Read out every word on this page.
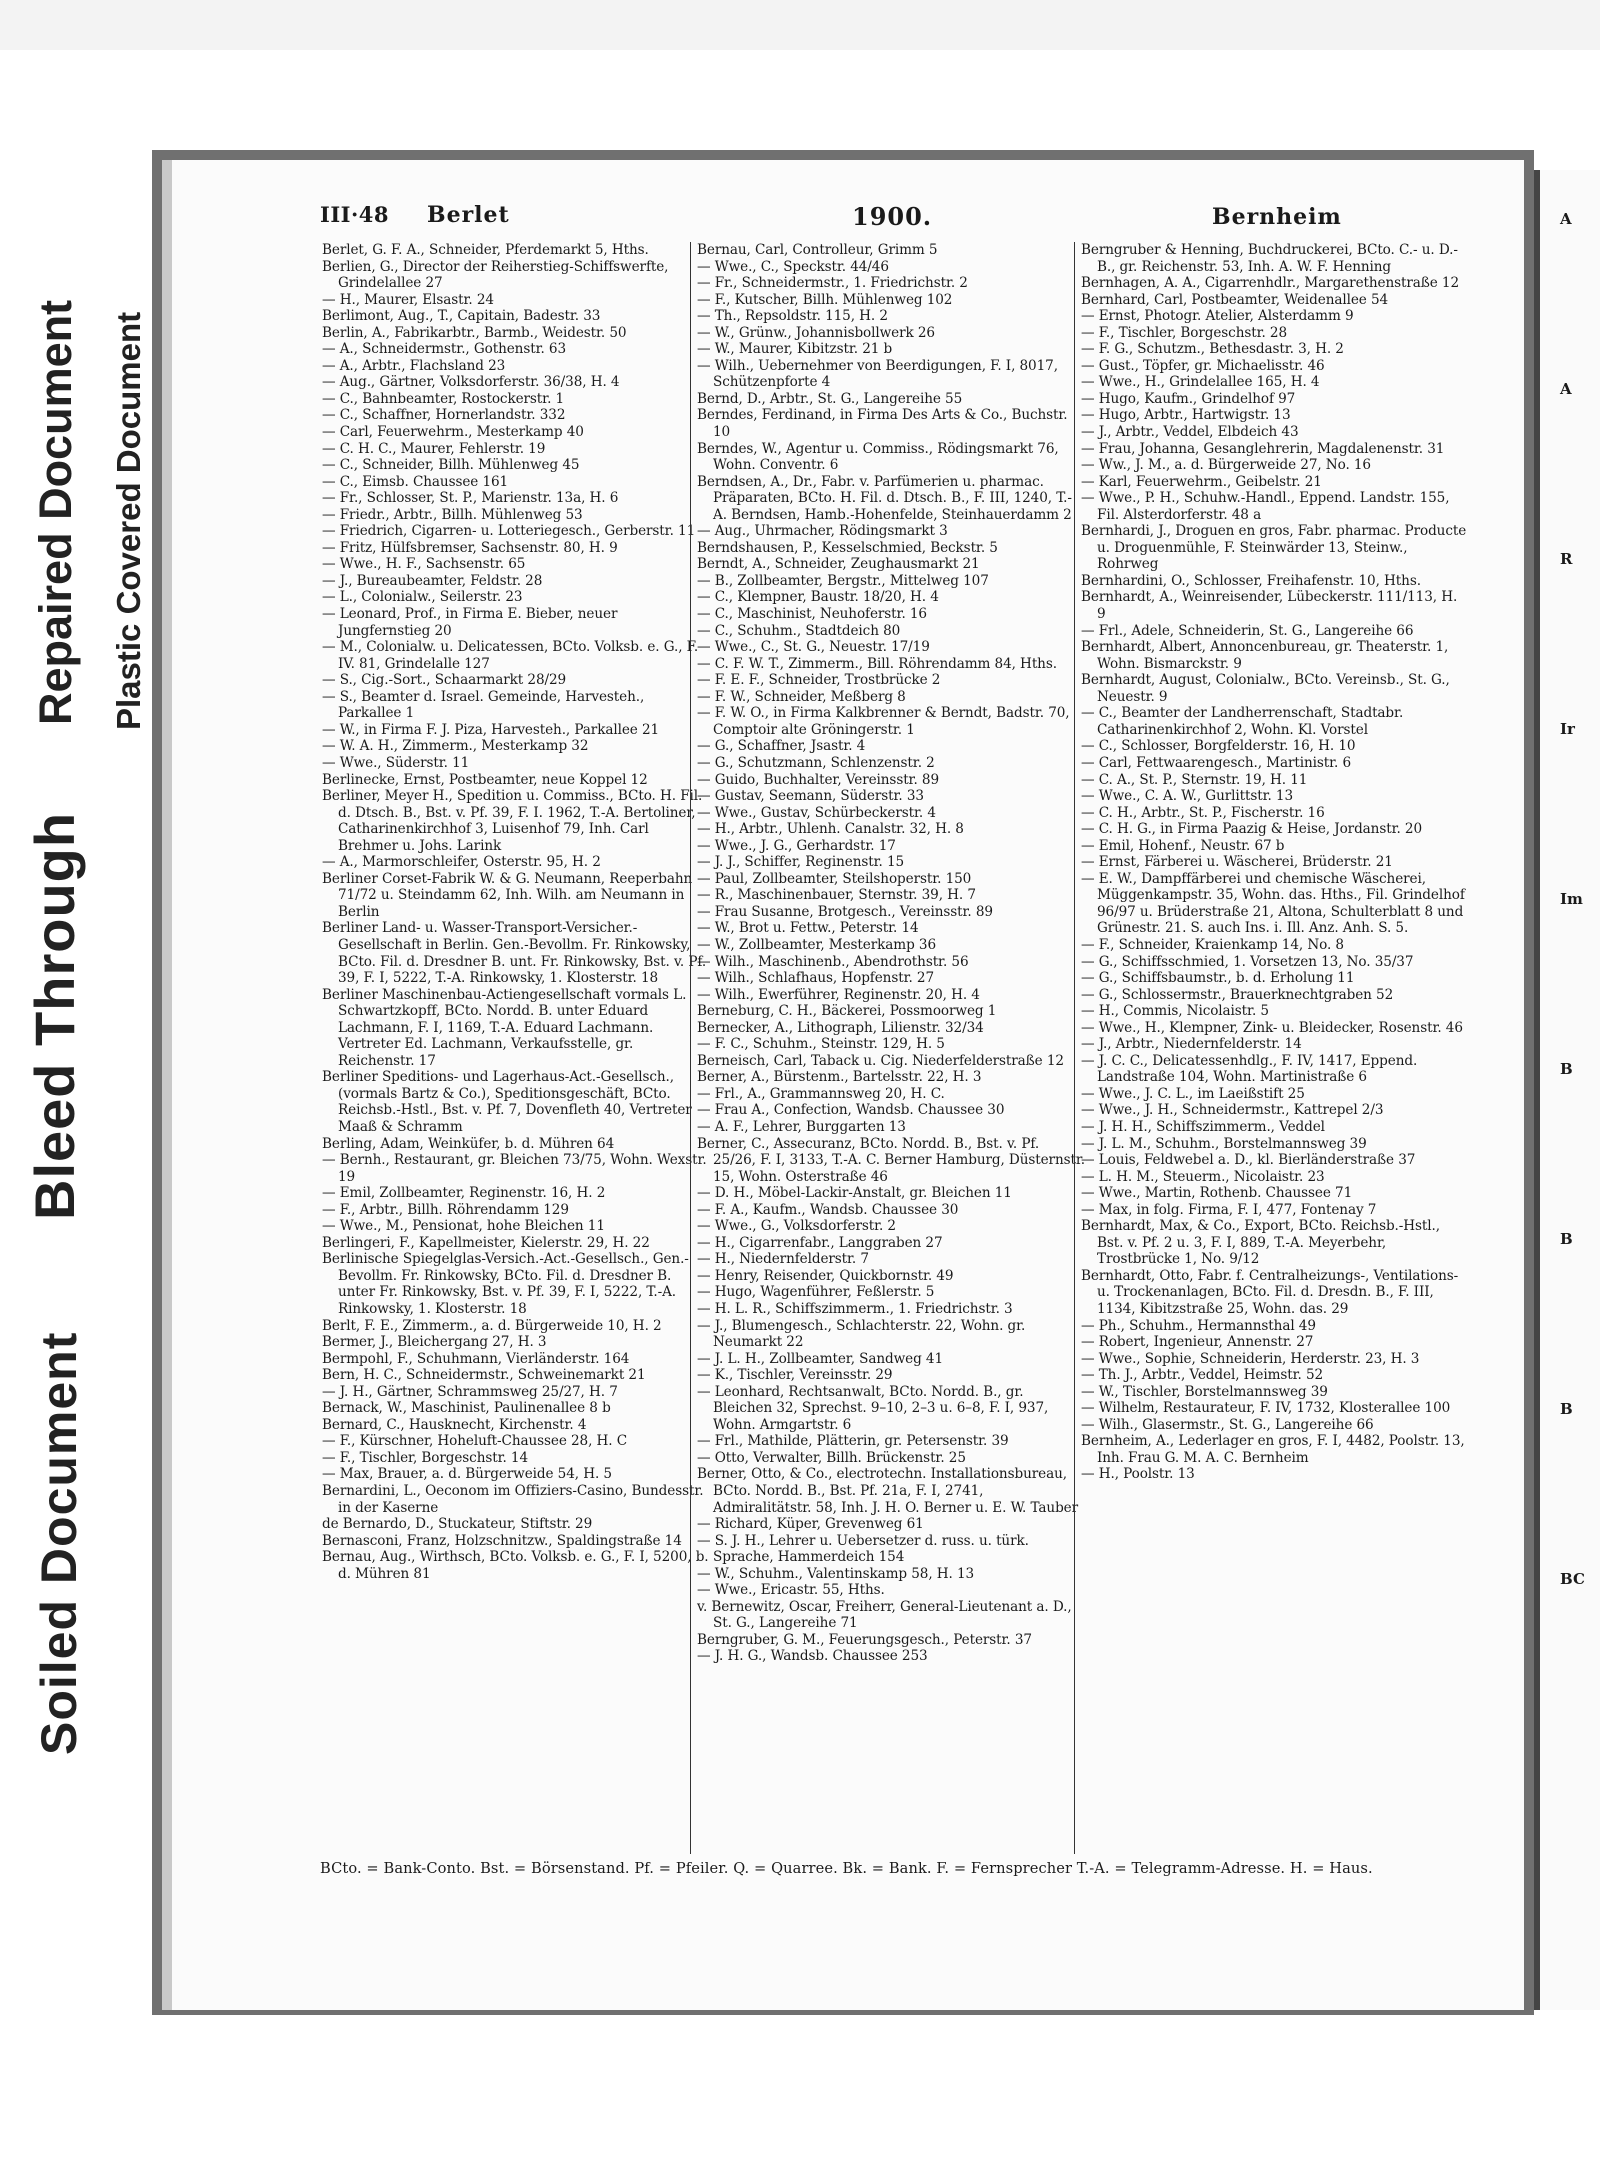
Soiled Document
Bleed Through
Repaired Document Plastic Covered Document
III·48 Berlet	1900.	Bernheim

Berlet, G. F. A., Schneider, Pferdemarkt 5, Hths.

Berlien, G., Director der Reiherstieg-Schiffswerfte, Grindelallee 27

— H., Maurer, Elsastr. 24

Berlimont, Aug., T., Capitain, Badestr. 33

Berlin, A., Fabrikarbtr., Barmb., Weidestr. 50

— A., Schneidermstr., Gothenstr. 63

— A., Arbtr., Flachsland 23

— Aug., Gärtner, Volksdorferstr. 36/38, H. 4

— C., Bahnbeamter, Rostockerstr. 1

— C., Schaffner, Hornerlandstr. 332

— Carl, Feuerwehrm., Mesterkamp 40

— C. H. C., Maurer, Fehlerstr. 19

— C., Schneider, Billh. Mühlenweg 45

— C., Eimsb. Chaussee 161

— Fr., Schlosser, St. P., Marienstr. 13a, H. 6

— Friedr., Arbtr., Billh. Mühlenweg 53

— Friedrich, Cigarren- u. Lotteriegesch., Gerberstr. 11

— Fritz, Hülfsbremser, Sachsenstr. 80, H. 9

— Wwe., H. F., Sachsenstr. 65

— J., Bureaubeamter, Feldstr. 28

— L., Colonialw., Seilerstr. 23

— Leonard, Prof., in Firma E. Bieber, neuer Jungfernstieg 20

— M., Colonialw. u. Delicatessen, BCto. Volksb. e. G., F. IV. 81, Grindelalle 127

— S., Cig.-Sort., Schaarmarkt 28/29

— S., Beamter d. Israel. Gemeinde, Harvesteh., Parkallee 1

— W., in Firma F. J. Piza, Harvesteh., Parkallee 21

— W. A. H., Zimmerm., Mesterkamp 32

— Wwe., Süderstr. 11

Berlinecke, Ernst, Postbeamter, neue Koppel 12

Berliner, Meyer H., Spedition u. Commiss., BCto. H. Fil. d. Dtsch. B., Bst. v. Pf. 39, F. I. 1962, T.-A. Bertoliner, Catharinenkirchhof 3, Luisenhof 79, Inh. Carl Brehmer u. Johs. Larink

— A., Marmorschleifer, Osterstr. 95, H. 2

Berliner Corset-Fabrik W. & G. Neumann, Reeperbahn 71/72 u. Steindamm 62, Inh. Wilh. am Neumann in Berlin

Berliner Land- u. Wasser-Transport-Versicher.-Gesellschaft in Berlin. Gen.-Bevollm. Fr. Rinkowsky, BCto. Fil. d. Dresdner B. unt. Fr. Rinkowsky, Bst. v. Pf. 39, F. I, 5222, T.-A. Rinkowsky, 1. Klosterstr. 18

Berliner Maschinenbau-Actiengesellschaft vormals L. Schwartzkopff, BCto. Nordd. B. unter Eduard Lachmann, F. I, 1169, T.-A. Eduard Lachmann. Vertreter Ed. Lachmann, Verkaufsstelle, gr. Reichenstr. 17

Berliner Speditions- und Lagerhaus-Act.-Gesellsch., (vormals Bartz & Co.), Speditionsgeschäft, BCto. Reichsb.-Hstl., Bst. v. Pf. 7, Dovenfleth 40, Vertreter Maaß & Schramm

Berling, Adam, Weinküfer, b. d. Mühren 64

— Bernh., Restaurant, gr. Bleichen 73/75, Wohn. Wexstr. 19

— Emil, Zollbeamter, Reginenstr. 16, H. 2

— F., Arbtr., Billh. Röhrendamm 129

— Wwe., M., Pensionat, hohe Bleichen 11

Berlingeri, F., Kapellmeister, Kielerstr. 29, H. 22

Berlinische Spiegelglas-Versich.-Act.-Gesellsch., Gen.-Bevollm. Fr. Rinkowsky, BCto. Fil. d. Dresdner B. unter Fr. Rinkowsky, Bst. v. Pf. 39, F. I, 5222, T.-A. Rinkowsky, 1. Klosterstr. 18

Berlt, F. E., Zimmerm., a. d. Bürgerweide 10, H. 2

Bermer, J., Bleichergang 27, H. 3

Bermpohl, F., Schuhmann, Vierländerstr. 164

Bern, H. C., Schneidermstr., Schweinemarkt 21

— J. H., Gärtner, Schrammsweg 25/27, H. 7

Bernack, W., Maschinist, Paulinenallee 8 b

Bernard, C., Hausknecht, Kirchenstr. 4

— F., Kürschner, Hoheluft-Chaussee 28, H. C

— F., Tischler, Borgeschstr. 14

— Max, Brauer, a. d. Bürgerweide 54, H. 5

Bernardini, L., Oeconom im Offiziers-Casino, Bundesstr. in der Kaserne

de Bernardo, D., Stuckateur, Stiftstr. 29

Bernasconi, Franz, Holzschnitzw., Spaldingstraße 14

Bernau, Aug., Wirthsch, BCto. Volksb. e. G., F. I, 5200, b. d. Mühren 81

Bernau, Carl, Controlleur, Grimm 5

— Wwe., C., Speckstr. 44/46

— Fr., Schneidermstr., 1. Friedrichstr. 2

— F., Kutscher, Billh. Mühlenweg 102

— Th., Repsoldstr. 115, H. 2

— W., Grünw., Johannisbollwerk 26

— W., Maurer, Kibitzstr. 21 b

— Wilh., Uebernehmer von Beerdigungen, F. I, 8017, Schützenpforte 4

Bernd, D., Arbtr., St. G., Langereihe 55

Berndes, Ferdinand, in Firma Des Arts & Co., Buchstr. 10

Berndes, W., Agentur u. Commiss., Rödingsmarkt 76, Wohn. Conventr. 6

Berndsen, A., Dr., Fabr. v. Parfümerien u. pharmac. Präparaten, BCto. H. Fil. d. Dtsch. B., F. III, 1240, T.-A. Berndsen, Hamb.-Hohenfelde, Steinhauerdamm 2

— Aug., Uhrmacher, Rödingsmarkt 3

Berndshausen, P., Kesselschmied, Beckstr. 5

Berndt, A., Schneider, Zeughausmarkt 21

— B., Zollbeamter, Bergstr., Mittelweg 107

— C., Klempner, Baustr. 18/20, H. 4

— C., Maschinist, Neuhoferstr. 16

— C., Schuhm., Stadtdeich 80

— Wwe., C., St. G., Neuestr. 17/19

— C. F. W. T., Zimmerm., Bill. Röhrendamm 84, Hths.

— F. E. F., Schneider, Trostbrücke 2

— F. W., Schneider, Meßberg 8

— F. W. O., in Firma Kalkbrenner & Berndt, Badstr. 70, Comptoir alte Gröningerstr. 1

— G., Schaffner, Jsastr. 4

— G., Schutzmann, Schlenzenstr. 2

— Guido, Buchhalter, Vereinsstr. 89

— Gustav, Seemann, Süderstr. 33

— Wwe., Gustav, Schürbeckerstr. 4

— H., Arbtr., Uhlenh. Canalstr. 32, H. 8

— Wwe., J. G., Gerhardstr. 17

— J. J., Schiffer, Reginenstr. 15

— Paul, Zollbeamter, Steilshoperstr. 150

— R., Maschinenbauer, Sternstr. 39, H. 7

— Frau Susanne, Brotgesch., Vereinsstr. 89

— W., Brot u. Fettw., Peterstr. 14

— W., Zollbeamter, Mesterkamp 36

— Wilh., Maschinenb., Abendrothstr. 56

— Wilh., Schlafhaus, Hopfenstr. 27

— Wilh., Ewerführer, Reginenstr. 20, H. 4

Berneburg, C. H., Bäckerei, Possmoorweg 1

Bernecker, A., Lithograph, Lilienstr. 32/34

— F. C., Schuhm., Steinstr. 129, H. 5

Berneisch, Carl, Taback u. Cig. Niederfelderstraße 12

Berner, A., Bürstenm., Bartelsstr. 22, H. 3

— Frl., A., Grammannsweg 20, H. C.

— Frau A., Confection, Wandsb. Chaussee 30

— A. F., Lehrer, Burggarten 13

Berner, C., Assecuranz, BCto. Nordd. B., Bst. v. Pf. 25/26, F. I, 3133, T.-A. C. Berner Hamburg, Düsternstr. 15, Wohn. Osterstraße 46

— D. H., Möbel-Lackir-Anstalt, gr. Bleichen 11

— F. A., Kaufm., Wandsb. Chaussee 30

— Wwe., G., Volksdorferstr. 2

— H., Cigarrenfabr., Langgraben 27

— H., Niedernfelderstr. 7

— Henry, Reisender, Quickbornstr. 49

— Hugo, Wagenführer, Feßlerstr. 5

— H. L. R., Schiffszimmerm., 1. Friedrichstr. 3

— J., Blumengesch., Schlachterstr. 22, Wohn. gr. Neumarkt 22

— J. L. H., Zollbeamter, Sandweg 41

— K., Tischler, Vereinsstr. 29

— Leonhard, Rechtsanwalt, BCto. Nordd. B., gr. Bleichen 32, Sprechst. 9–10, 2–3 u. 6–8, F. I, 937, Wohn. Armgartstr. 6

— Frl., Mathilde, Plätterin, gr. Petersenstr. 39

— Otto, Verwalter, Billh. Brückenstr. 25

Berner, Otto, & Co., electrotechn. Installationsbureau, BCto. Nordd. B., Bst. Pf. 21a, F. I, 2741, Admiralitätstr. 58, Inh. J. H. O. Berner u. E. W. Tauber

— Richard, Küper, Grevenweg 61

— S. J. H., Lehrer u. Uebersetzer d. russ. u. türk. Sprache, Hammerdeich 154

— W., Schuhm., Valentinskamp 58, H. 13

— Wwe., Ericastr. 55, Hths.

v. Bernewitz, Oscar, Freiherr, General-Lieutenant a. D., St. G., Langereihe 71

Berngruber, G. M., Feuerungsgesch., Peterstr. 37

— J. H. G., Wandsb. Chaussee 253

Berngruber & Henning, Buchdruckerei, BCto. C.- u. D.-B., gr. Reichenstr. 53, Inh. A. W. F. Henning

Bernhagen, A. A., Cigarrenhdlr., Margarethenstraße 12

Bernhard, Carl, Postbeamter, Weidenallee 54

— Ernst, Photogr. Atelier, Alsterdamm 9

— F., Tischler, Borgeschstr. 28

— F. G., Schutzm., Bethesdastr. 3, H. 2

— Gust., Töpfer, gr. Michaelisstr. 46

— Wwe., H., Grindelallee 165, H. 4

— Hugo, Kaufm., Grindelhof 97

— Hugo, Arbtr., Hartwigstr. 13

— J., Arbtr., Veddel, Elbdeich 43

— Frau, Johanna, Gesanglehrerin, Magdalenenstr. 31

— Ww., J. M., a. d. Bürgerweide 27, No. 16

— Karl, Feuerwehrm., Geibelstr. 21

— Wwe., P. H., Schuhw.-Handl., Eppend. Landstr. 155, Fil. Alsterdorferstr. 48 a

Bernhardi, J., Droguen en gros, Fabr. pharmac. Producte u. Droguenmühle, F. Steinwärder 13, Steinw., Rohrweg

Bernhardini, O., Schlosser, Freihafenstr. 10, Hths.

Bernhardt, A., Weinreisender, Lübeckerstr. 111/113, H. 9

— Frl., Adele, Schneiderin, St. G., Langereihe 66

Bernhardt, Albert, Annoncenbureau, gr. Theaterstr. 1, Wohn. Bismarckstr. 9

Bernhardt, August, Colonialw., BCto. Vereinsb., St. G., Neuestr. 9

— C., Beamter der Landherrenschaft, Stadtabr. Catharinenkirchhof 2, Wohn. Kl. Vorstel

— C., Schlosser, Borgfelderstr. 16, H. 10

— Carl, Fettwaarengesch., Martinistr. 6

— C. A., St. P., Sternstr. 19, H. 11

— Wwe., C. A. W., Gurlittstr. 13

— C. H., Arbtr., St. P., Fischerstr. 16

— C. H. G., in Firma Paazig & Heise, Jordanstr. 20

— Emil, Hohenf., Neustr. 67 b

— Ernst, Färberei u. Wäscherei, Brüderstr. 21

— E. W., Dampffärberei und chemische Wäscherei, Müggenkampstr. 35, Wohn. das. Hths., Fil. Grindelhof 96/97 u. Brüderstraße 21, Altona, Schulterblatt 8 und Grünestr. 21. S. auch Ins. i. Ill. Anz. Anh. S. 5.

— F., Schneider, Kraienkamp 14, No. 8

— G., Schiffsschmied, 1. Vorsetzen 13, No. 35/37

— G., Schiffsbaumstr., b. d. Erholung 11

— G., Schlossermstr., Brauerknechtgraben 52

— H., Commis, Nicolaistr. 5

— Wwe., H., Klempner, Zink- u. Bleidecker, Rosenstr. 46

— J., Arbtr., Niedernfelderstr. 14

— J. C. C., Delicatessenhdlg., F. IV, 1417, Eppend. Landstraße 104, Wohn. Martinistraße 6

— Wwe., J. C. L., im Laeißstift 25

— Wwe., J. H., Schneidermstr., Kattrepel 2/3

— J. H. H., Schiffszimmerm., Veddel

— J. L. M., Schuhm., Borstelmannsweg 39

— Louis, Feldwebel a. D., kl. Bierländerstraße 37

— L. H. M., Steuerm., Nicolaistr. 23

— Wwe., Martin, Rothenb. Chaussee 71

— Max, in folg. Firma, F. I, 477, Fontenay 7

Bernhardt, Max, & Co., Export, BCto. Reichsb.-Hstl., Bst. v. Pf. 2 u. 3, F. I, 889, T.-A. Meyerbehr, Trostbrücke 1, No. 9/12

Bernhardt, Otto, Fabr. f. Centralheizungs-, Ventilations- u. Trockenanlagen, BCto. Fil. d. Dresdn. B., F. III, 1134, Kibitzstraße 25, Wohn. das. 29

— Ph., Schuhm., Hermannsthal 49

— Robert, Ingenieur, Annenstr. 27

— Wwe., Sophie, Schneiderin, Herderstr. 23, H. 3

— Th. J., Arbtr., Veddel, Heimstr. 52

— W., Tischler, Borstelmannsweg 39

— Wilhelm, Restaurateur, F. IV, 1732, Klosterallee 100

— Wilh., Glasermstr., St. G., Langereihe 66

Bernheim, A., Lederlager en gros, F. I, 4482, Poolstr. 13, Inh. Frau G. M. A. C. Bernheim

— H., Poolstr. 13

BCto. = Bank-Conto. Bst. = Börsenstand. Pf. = Pfeiler. Q. = Quarree. Bk. = Bank. F. = Fernsprecher T.-A. = Telegramm-Adresse. H. = Haus.
A
A
R
Ir
Im
B
B
B
BC
